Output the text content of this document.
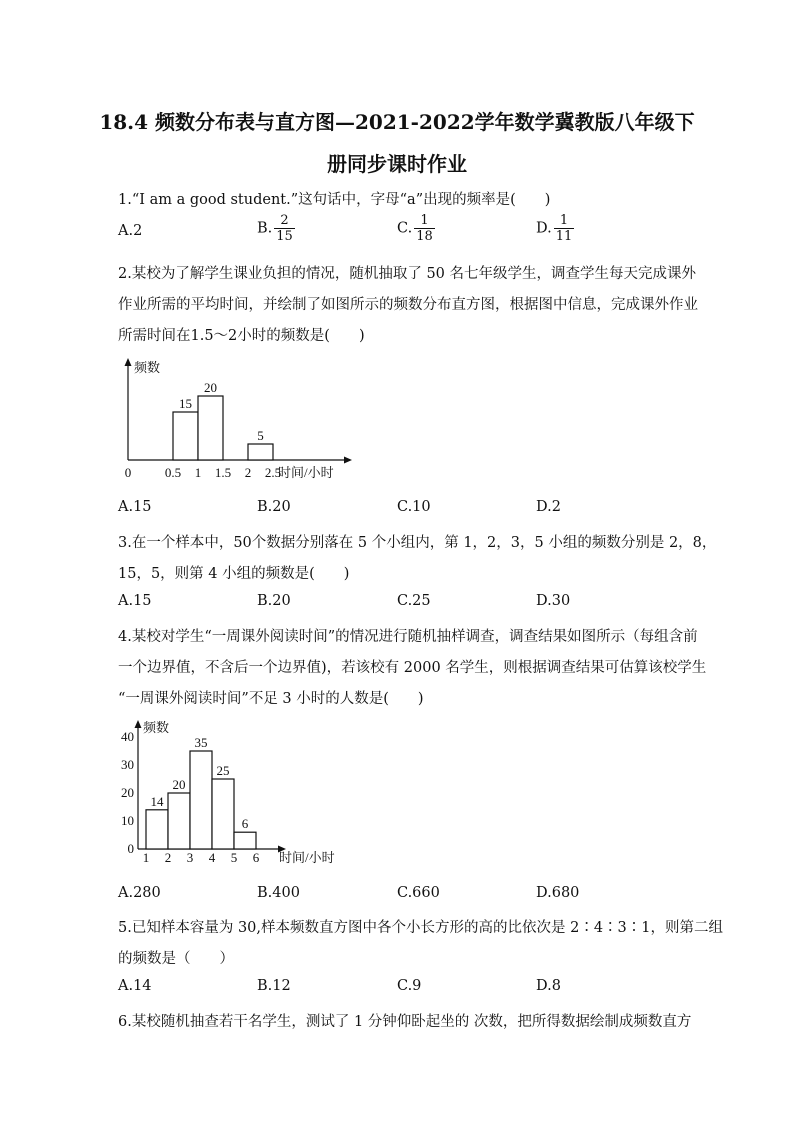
18.4 频数分布表与直方图—2021-2022学年数学冀教版八年级下
册同步课时作业
1.“I am a good student.”这句话中，字母“a”出现的频率是(　　)
A.2	B. $\frac{2}{15}$	C. $\frac{1}{18}$	D. $\frac{1}{11}$
2.某校为了解学生课业负担的情况，随机抽取了 50 名七年级学生，调查学生每天完成课外
作业所需的平均时间，并绘制了如图所示的频数分布直方图，根据图中信息，完成课外作业
所需时间在1.5～2小时的频数是(　　)
频数
15
20
5
0	0.5 1 1.5 2 2.5
时间/小时
A.15	B.20	C.10	D.2
3.在一个样本中，50个数据分别落在 5 个小组内，第 1，2，3，5 小组的频数分别是 2，8，
15，5，则第 4 小组的频数是(　　)
A.15	B.20	C.25	D.30
4.某校对学生“一周课外阅读时间”的情况进行随机抽样调查，调查结果如图所示（每组含前
一个边界值，不含后一个边界值)，若该校有 2000 名学生，则根据调查结果可估算该校学生
“一周课外阅读时间”不足 3 小时的人数是(　　)
频数
0
10
20
30
40
14
20
35
25
6
1 2 3 4 5 6 时间/小时
A.280	B.400	C.660	D.680
5.已知样本容量为 30,样本频数直方图中各个小长方形的高的比依次是 2∶4∶3∶1，则第二组
的频数是（　　）
A.14	B.12	C.9	D.8
6.某校随机抽查若干名学生，测试了 1 分钟仰卧起坐的 次数，把所得数据绘制成频数直方
